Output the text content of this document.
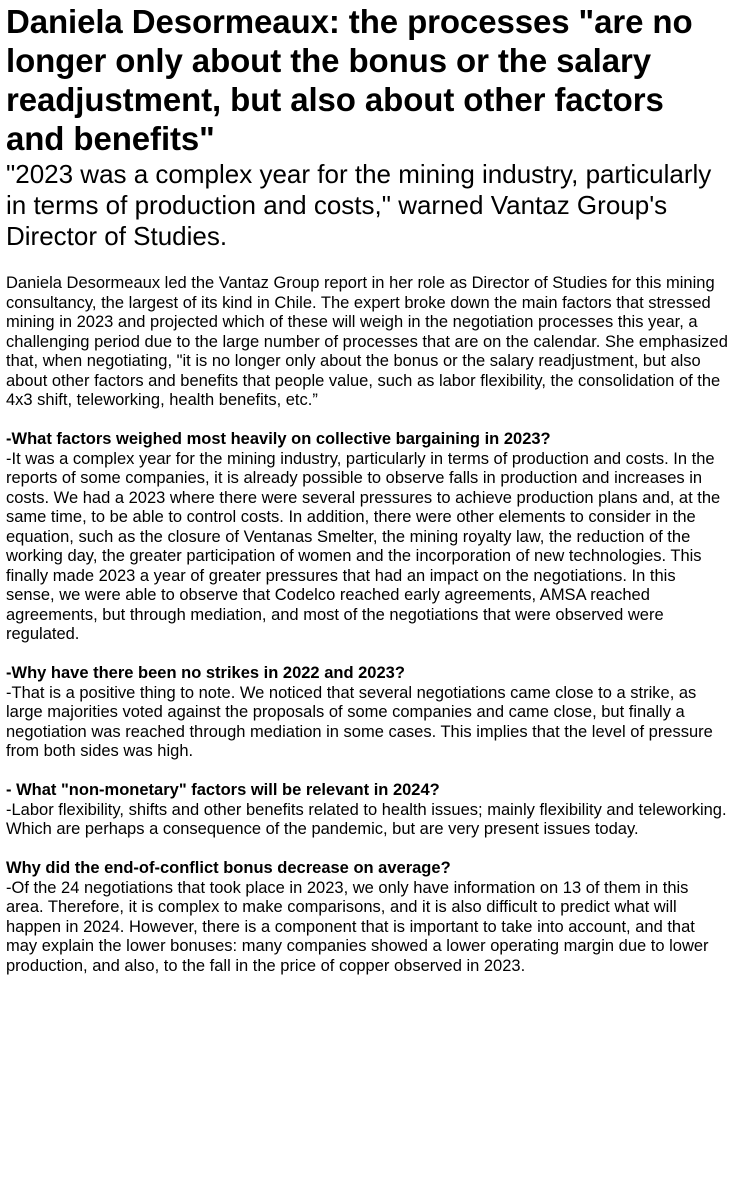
Daniela Desormeaux: the processes "are no longer only about the bonus or the salary readjustment, but also about other factors and benefits"
"2023 was a complex year for the mining industry, particularly in terms of production and costs," warned Vantaz Group's Director of Studies.

Daniela Desormeaux led the Vantaz Group report in her role as Director of Studies for this mining consultancy, the largest of its kind in Chile. The expert broke down the main factors that stressed mining in 2023 and projected which of these will weigh in the negotiation processes this year, a challenging period due to the large number of processes that are on the calendar. She emphasized that, when negotiating, "it is no longer only about the bonus or the salary readjustment, but also about other factors and benefits that people value, such as labor flexibility, the consolidation of the 4x3 shift, teleworking, health benefits, etc.”

-What factors weighed most heavily on collective bargaining in 2023?

-It was a complex year for the mining industry, particularly in terms of production and costs. In the reports of some companies, it is already possible to observe falls in production and increases in costs. We had a 2023 where there were several pressures to achieve production plans and, at the same time, to be able to control costs. In addition, there were other elements to consider in the equation, such as the closure of Ventanas Smelter, the mining royalty law, the reduction of the working day, the greater participation of women and the incorporation of new technologies. This finally made 2023 a year of greater pressures that had an impact on the negotiations. In this sense, we were able to observe that Codelco reached early agreements, AMSA reached agreements, but through mediation, and most of the negotiations that were observed were regulated.

-Why have there been no strikes in 2022 and 2023?

-That is a positive thing to note. We noticed that several negotiations came close to a strike, as large majorities voted against the proposals of some companies and came close, but finally a negotiation was reached through mediation in some cases. This implies that the level of pressure from both sides was high.

- What "non-monetary" factors will be relevant in 2024?

-Labor flexibility, shifts and other benefits related to health issues; mainly flexibility and teleworking. Which are perhaps a consequence of the pandemic, but are very present issues today.

Why did the end-of-conflict bonus decrease on average?

-Of the 24 negotiations that took place in 2023, we only have information on 13 of them in this area. Therefore, it is complex to make comparisons, and it is also difficult to predict what will happen in 2024. However, there is a component that is important to take into account, and that may explain the lower bonuses: many companies showed a lower operating margin due to lower production, and also, to the fall in the price of copper observed in 2023.
